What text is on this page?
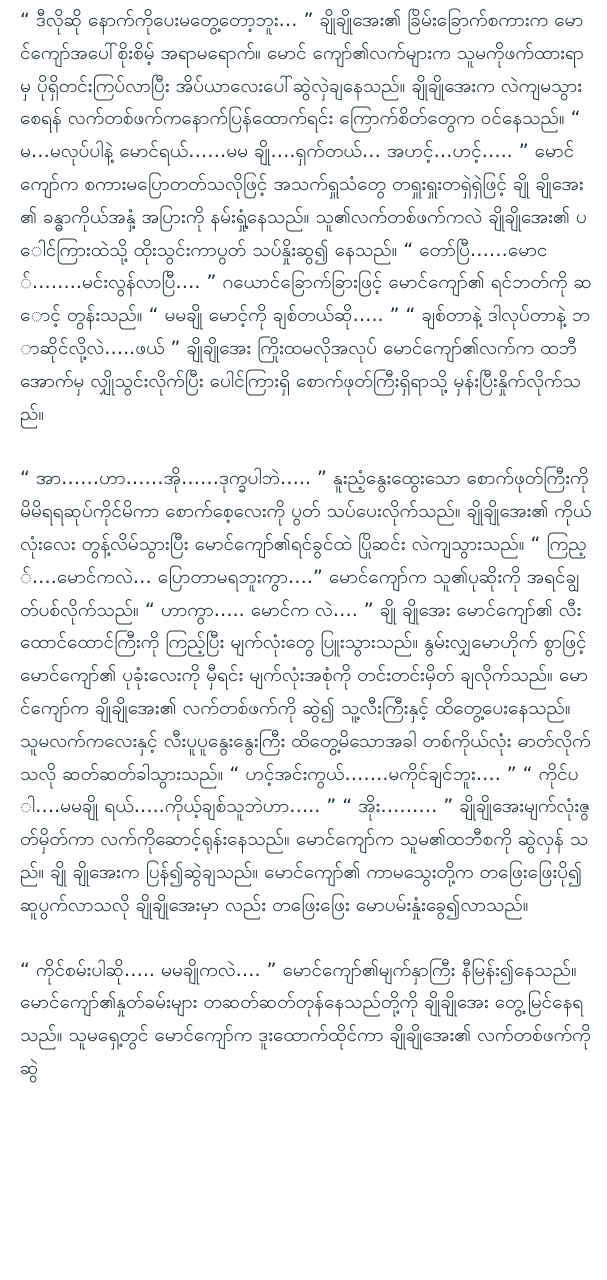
“ ဒီလိုဆို နောက်ကိုပေးမတွေ့တော့ဘူး… ” ချိုချိုအေး၏ ခြိမ်းခြောက်စကားက မောင်ကျော်အပေါ်စိုးစိမ့် အရာမရောက်။ မောင် ကျော်၏လက်များက သူမကိုဖက်ထားရာမှ ပိုရှိတင်းကြပ်လာပြီး အိပ်ယာလေးပေါ်ဆွဲလှဲချနေသည်။ ချိုချိုအေးက လဲကျမသွား စေရန် လက်တစ်ဖက်ကနောက်ပြန်ထောက်ရင်း ကြောက်စိတ်တွေက ဝင်နေသည်။ “ မ…မလုပ်ပါနဲ့ မောင်ရယ်……မမ ချို….ရှက်တယ်… အဟင့်…ဟင့်….. ” မောင်ကျော်က စကားမပြောတတ်သလိုဖြင့် အသက်ရှူသံတွေ တရှူးရှူးတရှဲရှဲဖြင့် ချို ချိုအေး၏ ခန္ဓာကိုယ်အနှံ့ အပြားကို နမ်းရှုံ့နေသည်။ သူ၏လက်တစ်ဖက်ကလဲ ချိုချိုအေး၏ ပေါင်ကြားထဲသို့ ထိုးသွင်းကာပွတ် သပ်နှိုးဆွ၍ နေသည်။ “ တော်ပြီ……မောင်……..မင်းလွန်လာပြီ…. ” ဂယောင်ခြောက်ခြားဖြင့် မောင်ကျော်၏ ရင်ဘတ်ကို ဆောင့် တွန်းသည်။ “ မမချို မောင့်ကို ချစ်တယ်ဆို….. ” “ ချစ်တာနဲ့ ဒါလုပ်တာနဲ့ ဘာဆိုင်လို့လဲ…..ဖယ် ” ချိုချိုအေး ကြိုးထမလိုအလုပ် မောင်ကျော်၏လက်က ထဘီအောက်မှ လျှိုသွင်းလိုက်ပြီး ပေါင်ကြားရှိ စောက်ဖုတ်ကြီးရှိရာသို့ မှန်းပြီးနှိုက်လိုက်သည်။

“ အာ……ဟာ……အို……ဒုက္ခပါဘဲ….. ” နူးညံ့နွေးထွေးသော စောက်ဖုတ်ကြီးကို မိမိရရဆုပ်ကိုင်မိကာ စောက်စေ့လေးကို ပွတ် သပ်ပေးလိုက်သည်။ ချိုချိုအေး၏ ကိုယ်လုံးလေး တွန့်လိမ်သွားပြီး မောင်ကျော်၏ရင်ခွင်ထဲ ပြိုဆင်း လဲကျသွားသည်။ “ ကြည့်….မောင်ကလဲ… ပြောတာမရဘူးကွာ….” မောင်ကျော်က သူ၏ပုဆိုးကို အရင်ချွတ်ပစ်လိုက်သည်။ “ ဟာကွာ….. မောင်က လဲ…. ” ချို ချိုအေး မောင်ကျော်၏ လီးထောင်ထောင်ကြီးကို ကြည့်ပြီး မျက်လုံးတွေ ပြူးသွားသည်။ နွမ်းလျှမောဟိုက် စွာဖြင့် မောင်ကျော်၏ ပုခုံးလေးကို မှီရင်း မျက်လုံးအစုံကို တင်းတင်းမှိတ် ချလိုက်သည်။ မောင်ကျော်က ချိုချိုအေး၏ လက်တစ်ဖက်ကို ဆွဲ၍ သူ့လီးကြီးနှင့် ထိတွေ့ပေးနေသည်။ သူမလက်ကလေးနှင့် လီးပူပူနွေးနွေးကြီး ထိတွေ့မိသောအခါ တစ်ကိုယ်လုံး ဓာတ်လိုက် သလို ဆတ်ဆတ်ခါသွားသည်။ “ ဟင့်အင်းကွယ်…….မကိုင်ချင်ဘူး…. ” “ ကိုင်ပါ….မမချို ရယ်…..ကိုယ့်ချစ်သူဘဲဟာ….. ” “ အိုး……… ” ချိုချိုအေးမျက်လုံးဇွတ်မှိတ်ကာ လက်ကိုဆောင့်ရုန်းနေသည်။ မောင်ကျော်က သူမ၏ထဘီစကို ဆွဲလှန် သည်။ ချို ချိုအေးက ပြန်၍ဆွဲချသည်။ မောင်ကျော်၏ ကာမသွေးတို့က တဖြေးဖြေးပို၍ဆူပွက်လာသလို ချိုချိုအေးမှာ လည်း တဖြေးဖြေး မောပမ်းနှုံးခွေ၍လာသည်။

“ ကိုင်စမ်းပါဆို….. မမချိုကလဲ…. ” မောင်ကျော်၏မျက်နှာကြီး နီမြန်း၍နေသည်။ မောင်ကျော်၏နှုတ်ခမ်းများ တဆတ်ဆတ်တုန်နေသည်တို့ကို ချိုချိုအေး တွေ့မြင်နေရသည်။ သူမရှေ့တွင် မောင်ကျော်က ဒူးထောက်ထိုင်ကာ ချိုချိုအေး၏ လက်တစ်ဖက်ကိုဆွဲ
